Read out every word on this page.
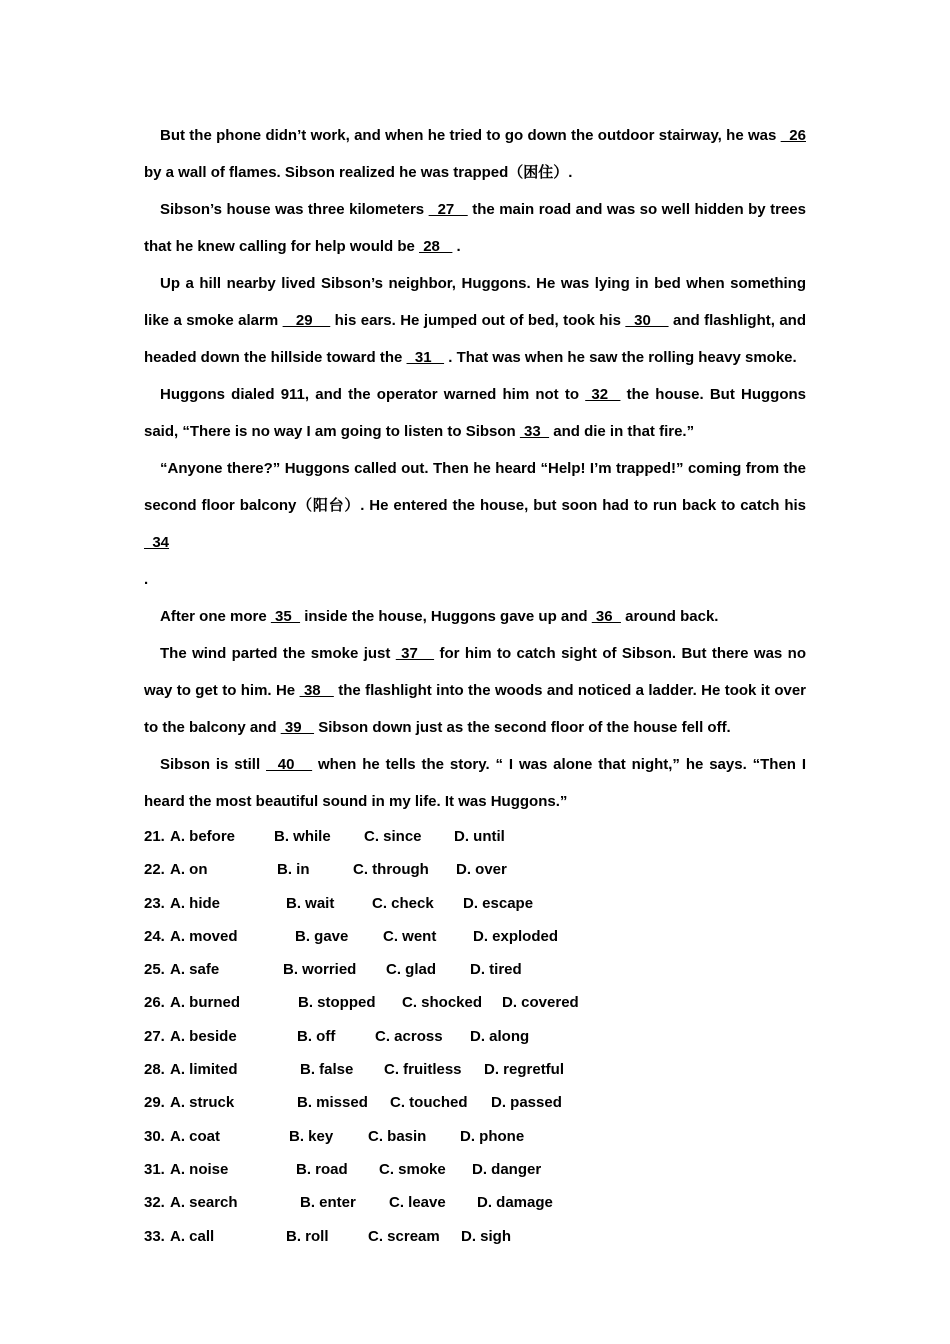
But the phone didn’t work, and when he tried to go down the outdoor stairway, he was   26 by a wall of flames. Sibson realized he was trapped（困住）.

Sibson’s house was three kilometers   27    the main road and was so well hidden by trees that he knew calling for help would be  28    .

Up a hill nearby lived Sibson’s neighbor, Huggons. He was lying in bed when something like a smoke alarm    29     his ears. He jumped out of bed, took his   30     and flashlight, and headed down the hillside toward the   31    . That was when he saw the rolling heavy smoke.

Huggons dialed 911, and the operator warned him not to  32   the house. But Huggons said, “There is no way I am going to listen to Sibson  33   and die in that fire.”

“Anyone there?” Huggons called out. Then he heard “Help! I’m trapped!” coming from the second floor balcony（阳台）. He entered the house, but soon had to run back to catch his   34

.

After one more  35   inside the house, Huggons gave up and  36   around back.

The wind parted the smoke just  37    for him to catch sight of Sibson. But there was no way to get to him. He  38    the flashlight into the woods and noticed a ladder. He took it over to the balcony and  39    Sibson down just as the second floor of the house fell off.

Sibson is still   40    when he tells the story. “ I was alone that night,” he says. “Then I heard the most beautiful sound in my life. It was Huggons.”

21. A. before	B. while C. since D. until
22. A. on	B. in	C. through D. over
23. A. hide	B. wait	C. check D. escape
24. A. moved	B. gave C. went D. exploded
25. A. safe	B. worried C. glad D. tired
26. A. burned	B. stopped C. shocked D. covered
27. A. beside	B. off	C. across D. along
28. A. limited	B. false C. fruitless D. regretful
29. A. struck	B. missed C. touched D. passed
30. A. coat	B. key C. basin D. phone
31. A. noise	B. road C. smoke D. danger
32. A. search	B. enter C. leave D. damage
33. A. call	B. roll	C. scream D. sigh
